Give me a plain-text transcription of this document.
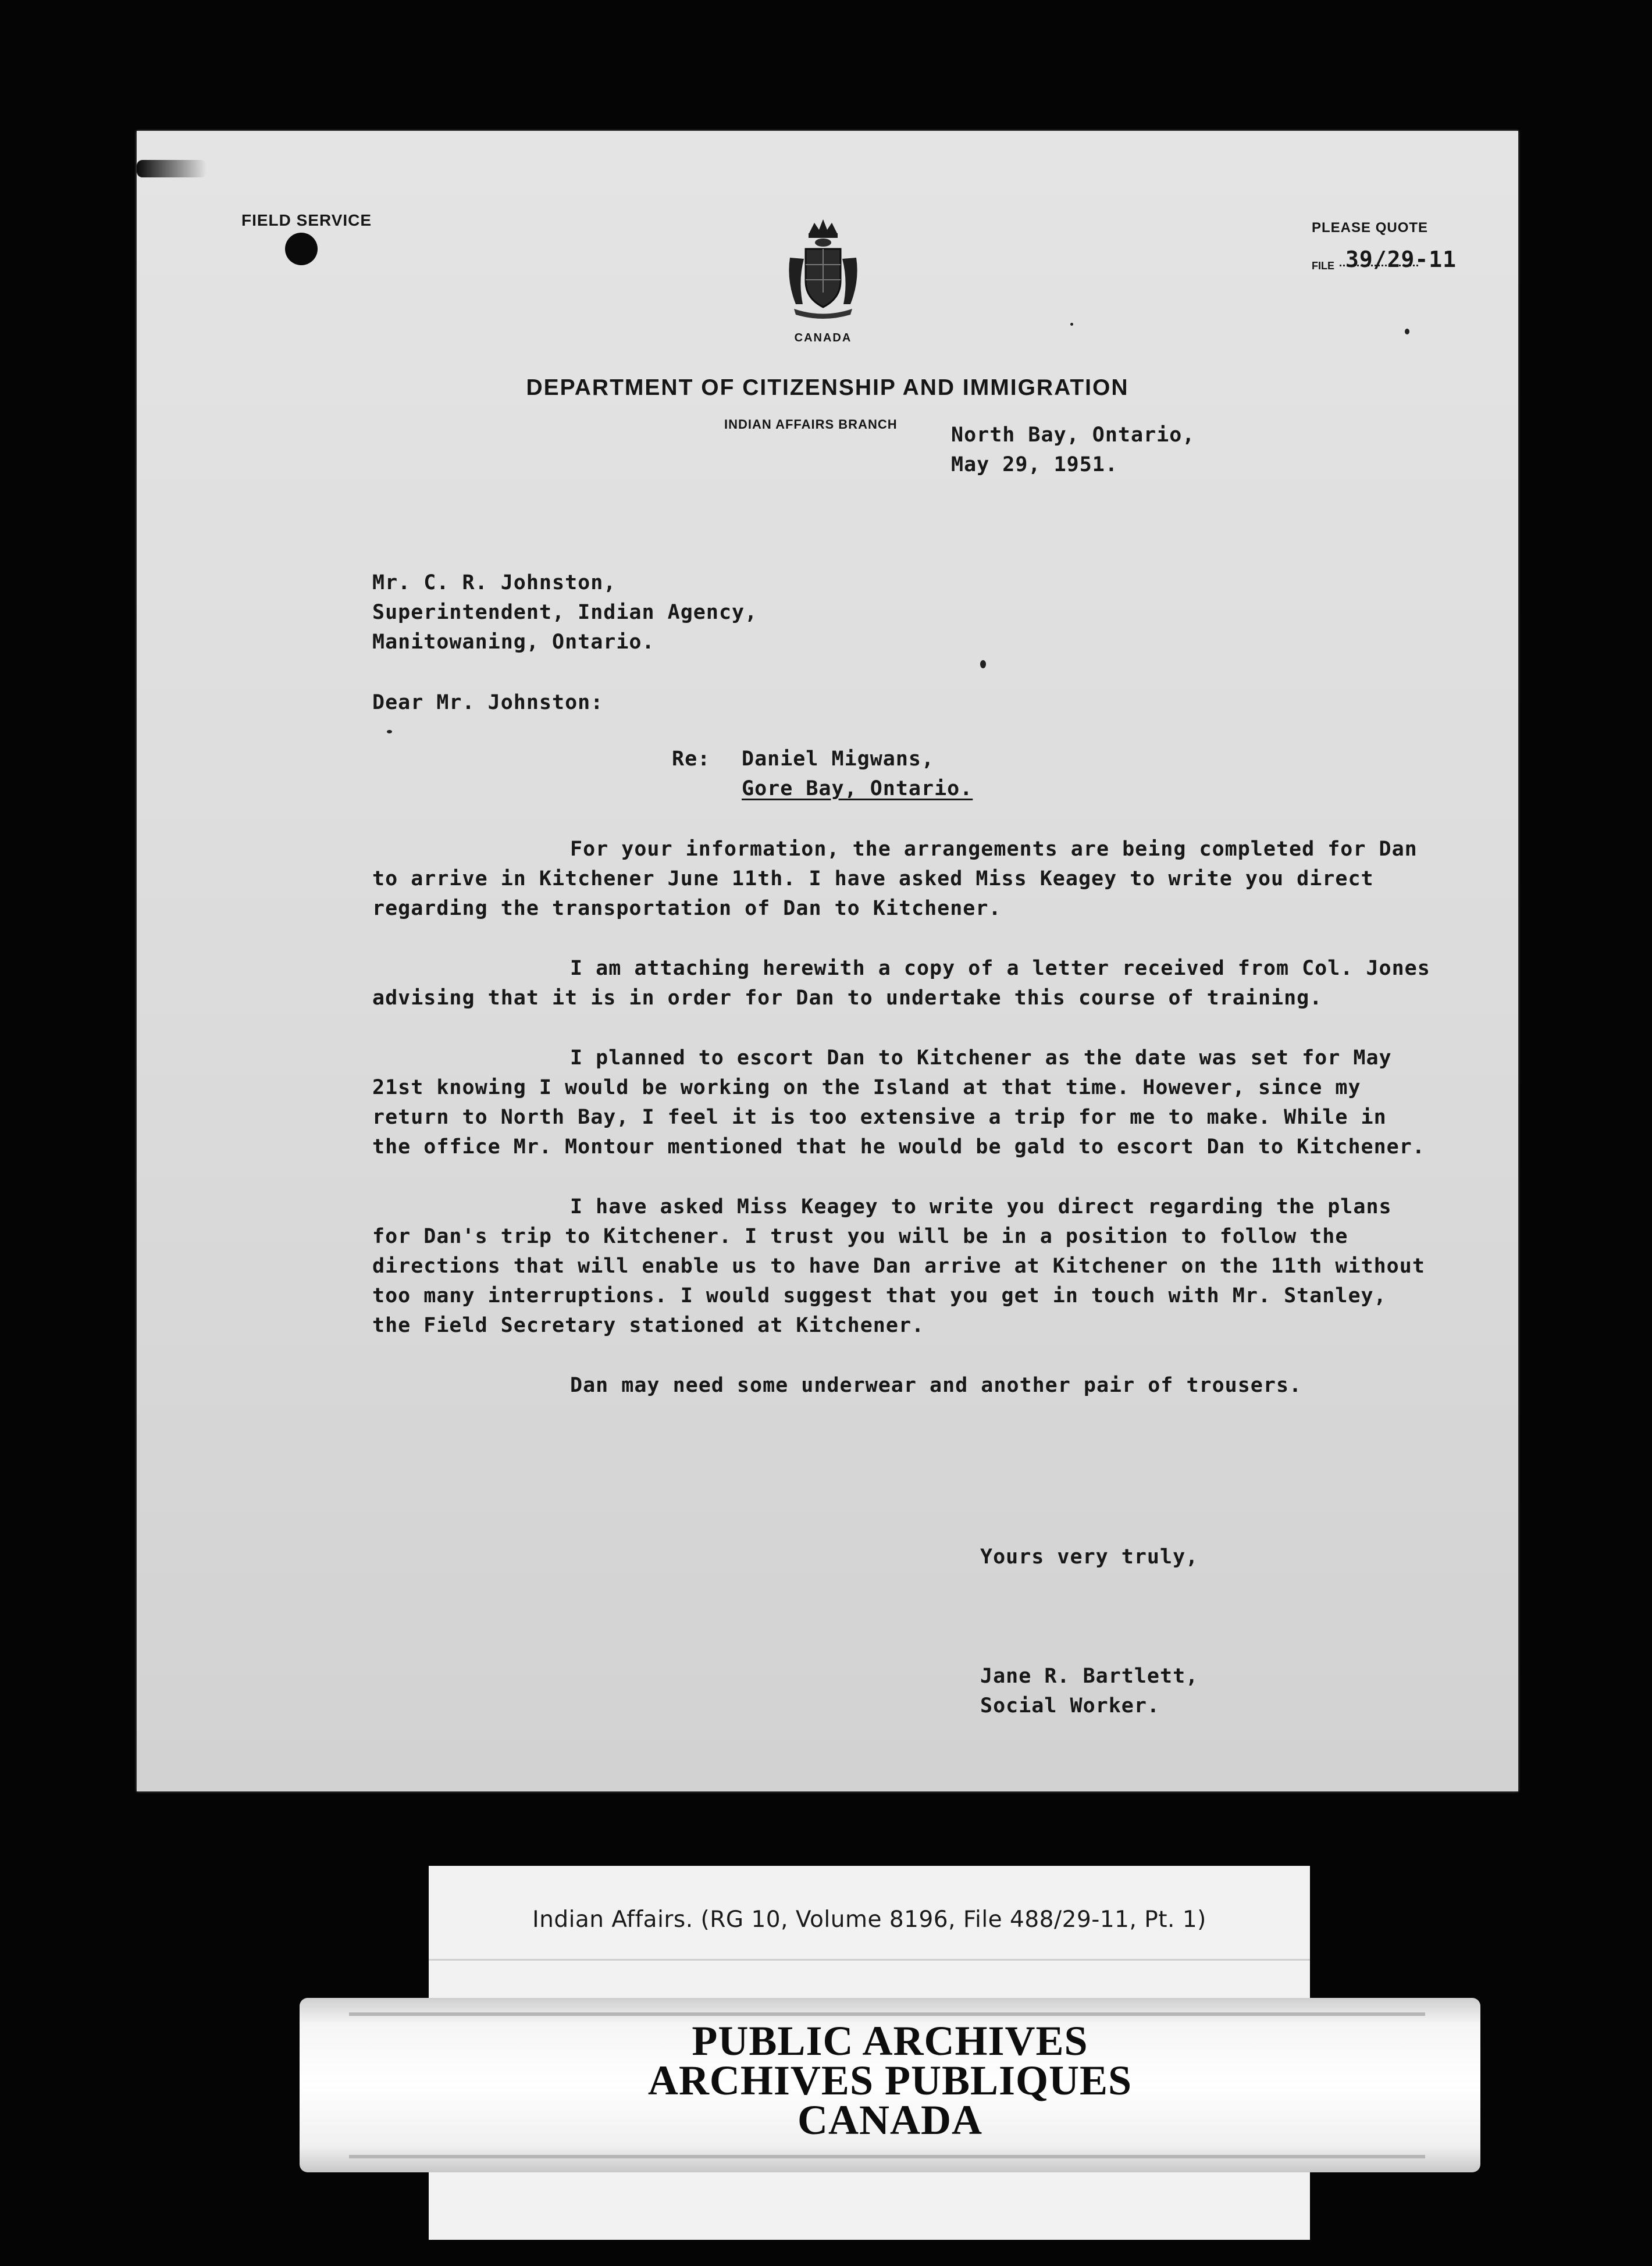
FIELD SERVICE	PLEASE QUOTE
FILE 39/29-11
CANADA
DEPARTMENT OF CITIZENSHIP AND IMMIGRATION
INDIAN AFFAIRS BRANCH	North Bay, Ontario,
May 29, 1951.
Mr. C. R. Johnston,
Superintendent, Indian Agency,
Manitowaning, Ontario.
Dear Mr. Johnston:
Re: Daniel Migwans,
Gore Bay, Ontario.

For your information, the arrangements are being completed for Dan to arrive in Kitchener June 11th. I have asked Miss Keagey to write you direct regarding the transportation of Dan to Kitchener.

I am attaching herewith a copy of a letter received from Col. Jones advising that it is in order for Dan to undertake this course of training.

I planned to escort Dan to Kitchener as the date was set for May 21st knowing I would be working on the Island at that time. However, since my return to North Bay, I feel it is too extensive a trip for me to make. While in the office Mr. Montour mentioned that he would be gald to escort Dan to Kitchener.

I have asked Miss Keagey to write you direct regarding the plans for Dan's trip to Kitchener. I trust you will be in a position to follow the directions that will enable us to have Dan arrive at Kitchener on the 11th without too many interruptions. I would suggest that you get in touch with Mr. Stanley, the Field Secretary stationed at Kitchener.

Dan may need some underwear and another pair of trousers.

Yours very truly,
Jane R. Bartlett,
Social Worker.
Indian Affairs. (RG 10, Volume 8196, File 488/29-11, Pt. 1)
PUBLIC ARCHIVES
ARCHIVES PUBLIQUES
CANADA
